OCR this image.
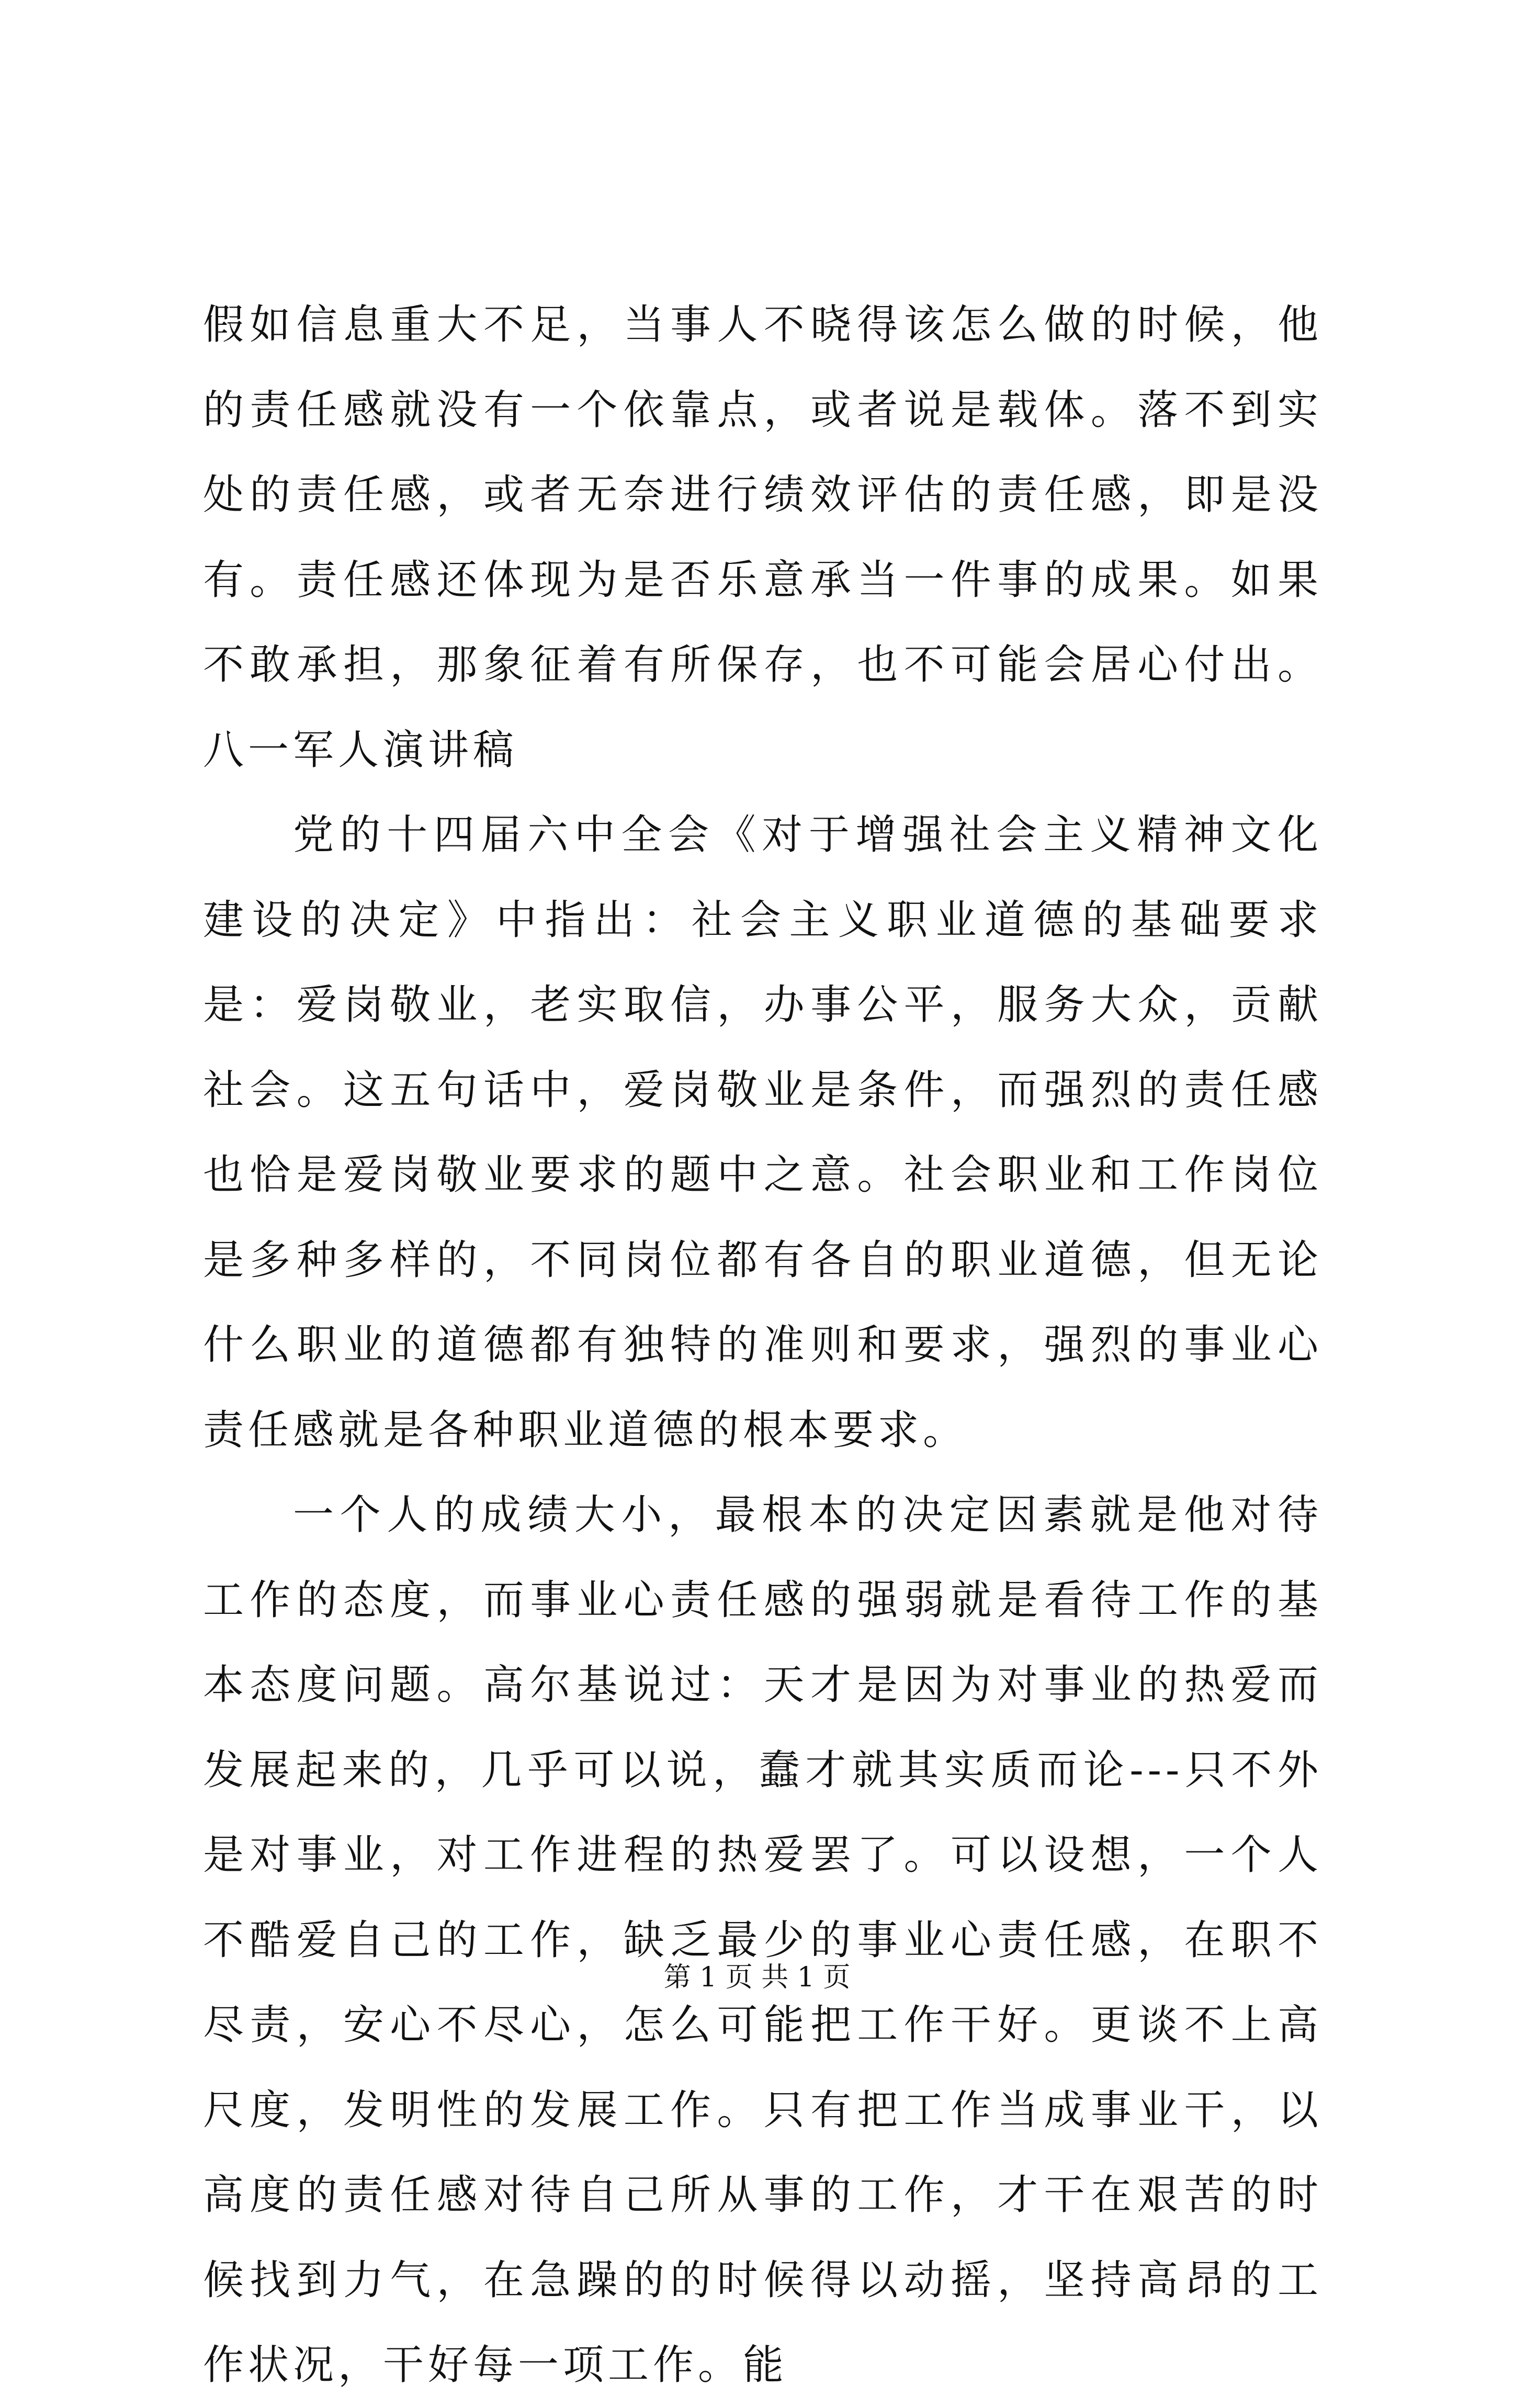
假如信息重大不足，当事人不晓得该怎么做的时候，他的责任感就没有一个依靠点，或者说是载体。落不到实处的责任感，或者无奈进行绩效评估的责任感，即是没有。责任感还体现为是否乐意承当一件事的成果。如果不敢承担，那象征着有所保存，也不可能会居心付出。八一军人演讲稿

党的十四届六中全会《对于增强社会主义精神文化建设的决定》中指出：社会主义职业道德的基础要求是：爱岗敬业，老实取信，办事公平，服务大众，贡献社会。这五句话中，爱岗敬业是条件，而强烈的责任感也恰是爱岗敬业要求的题中之意。社会职业和工作岗位是多种多样的，不同岗位都有各自的职业道德，但无论什么职业的道德都有独特的准则和要求，强烈的事业心责任感就是各种职业道德的根本要求。

一个人的成绩大小，最根本的决定因素就是他对待工作的态度，而事业心责任感的强弱就是看待工作的基本态度问题。高尔基说过：天才是因为对事业的热爱而发展起来的，几乎可以说，蠢才就其实质而论---只不外是对事业，对工作进程的热爱罢了。可以设想，一个人不酷爱自己的工作，缺乏最少的事业心责任感，在职不尽责，安心不尽心，怎么可能把工作干好。更谈不上高尺度，发明性的发展工作。只有把工作当成事业干，以高度的责任感对待自己所从事的工作，才干在艰苦的时候找到力气，在急躁的的时候得以动摇，坚持高昂的工作状况，干好每一项工作。能

第 1 页 共 1 页
